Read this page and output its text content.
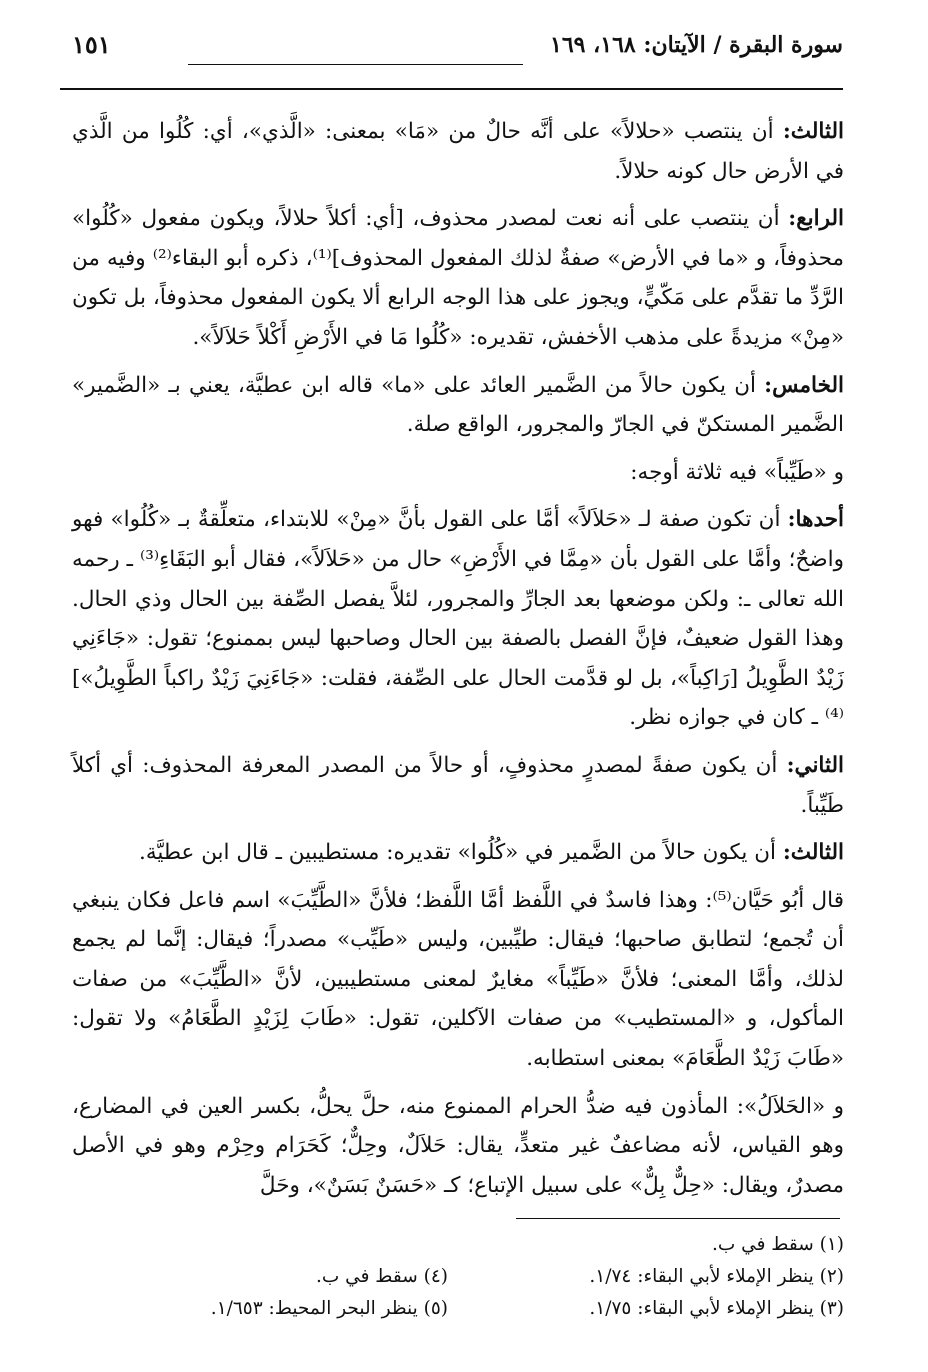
سورة البقرة / الآيتان: ١٦٨، ١٦٩
١٥١

الثالث: أن ينتصب «حلالاً» على أنَّه حالٌ من «مَا» بمعنى: «الَّذي»، أي: كُلُوا من الَّذي في الأرض حال كونه حلالاً.

الرابع: أن ينتصب على أنه نعت لمصدر محذوف، [أي: أكلاً حلالاً، ويكون مفعول «كُلُوا» محذوفاً، و «ما في الأرض» صفةٌ لذلك المفعول المحذوف]⁽¹⁾، ذكره أبو البقاء⁽²⁾ وفيه من الرَّدِّ ما تقدَّم على مَكّيٍّ، ويجوز على هذا الوجه الرابع ألا يكون المفعول محذوفاً، بل تكون «مِنْ» مزيدةً على مذهب الأخفش، تقديره: «كُلُوا مَا في الأَرْضِ أَكْلاً حَلاَلاً».

الخامس: أن يكون حالاً من الضَّمير العائد على «ما» قاله ابن عطيَّة، يعني بـ «الضَّمير» الضَّمير المستكنّ في الجارّ والمجرور، الواقع صلة.

و «طَيِّباً» فيه ثلاثة أوجه:

أحدها: أن تكون صفة لـ «حَلاَلاً» أمَّا على القول بأنَّ «مِنْ» للابتداء، متعلِّقةٌ بـ «كُلُوا» فهو واضحٌ؛ وأمَّا على القول بأن «مِمَّا في الأَرْضِ» حال من «حَلاَلاً»، فقال أبو البَقَاءِ⁽³⁾ ـ رحمه الله تعالى ـ: ولكن موضعها بعد الجارِّ والمجرور، لئلاَّ يفصل الصِّفة بين الحال وذي الحال. وهذا القول ضعيفٌ، فإنَّ الفصل بالصفة بين الحال وصاحبها ليس بممنوع؛ تقول: «جَاءَنِي زَيْدٌ الطَّوِيلُ [رَاكِباً»، بل لو قدَّمت الحال على الصِّفة، فقلت: «جَاءَنِيَ زَيْدٌ راكباً الطَّوِيلُ»]⁽⁴⁾ ـ كان في جوازه نظر.

الثاني: أن يكون صفةً لمصدرٍ محذوفٍ، أو حالاً من المصدر المعرفة المحذوف: أي أكلاً طَيِّباً.

الثالث: أن يكون حالاً من الضَّمير في «كُلُوا» تقديره: مستطيبين ـ قال ابن عطيَّة.

قال أبُو حَيَّان⁽⁵⁾: وهذا فاسدٌ في اللَّفظ أمَّا اللَّفظ؛ فلأنَّ «الطَّيِّبَ» اسم فاعل فكان ينبغي أن تُجمع؛ لتطابق صاحبها؛ فيقال: طيِّبين، وليس «طَيِّب» مصدراً؛ فيقال: إنَّما لم يجمع لذلك، وأمَّا المعنى؛ فلأنَّ «طَيِّباً» مغايرٌ لمعنى مستطيبين، لأنَّ «الطَّيِّبَ» من صفات المأكول، و «المستطيب» من صفات الآكلين، تقول: «طَابَ لِزَيْدٍ الطَّعَامُ» ولا تقول: «طَابَ زَيْدٌ الطَّعَامَ» بمعنى استطابه.

و «الحَلاَلُ»: المأذون فيه ضدُّ الحرام الممنوع منه، حلَّ يحلُّ، بكسر العين في المضارع، وهو القياس، لأنه مضاعفٌ غير متعدٍّ، يقال: حَلاَلٌ، وحِلٌّ؛ كَحَرَام وحِرْم وهو في الأصل مصدرٌ، ويقال: «حِلٌّ بِلٌّ» على سبيل الإتباع؛ كـ «حَسَنٌ بَسَنٌ»، وحَلَّ

(١) سقط في ب.
(٢) ينظر الإملاء لأبي البقاء: ١/٧٤.
(٣) ينظر الإملاء لأبي البقاء: ١/٧٥.
(٤) سقط في ب.
(٥) ينظر البحر المحيط: ١/٦٥٣.
